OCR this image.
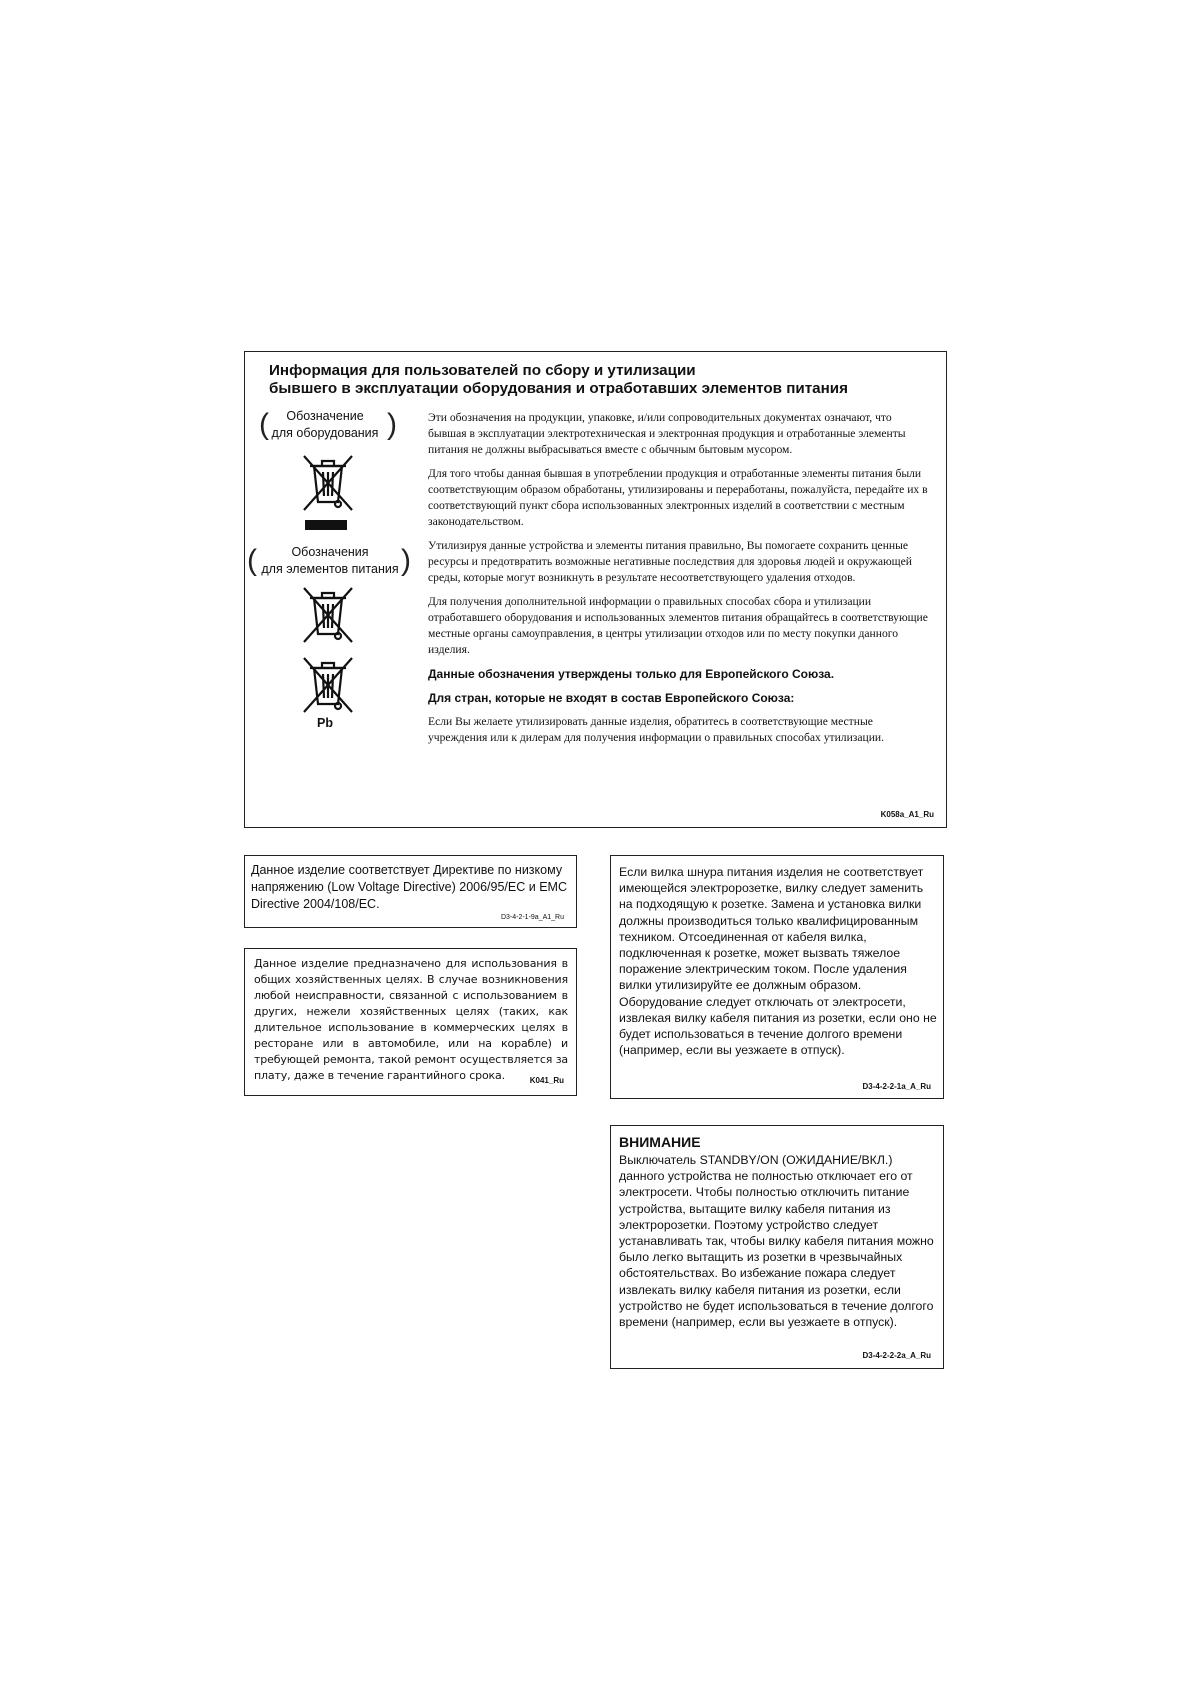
Информация для пользователей по сбору и утилизации
бывшего в эксплуатации оборудования и отработавших элементов питания
(	)
Обозначение
для оборудования
(	)
Обозначения
для элементов питания
Pb

Эти обозначения на продукции, упаковке, и/или сопроводительных документах означают, что бывшая в эксплуатации электротехническая и электронная продукция и отработанные элементы питания не должны выбрасываться вместе с обычным бытовым мусором.

Для того чтобы данная бывшая в употреблении продукция и отработанные элементы питания были соответствующим образом обработаны, утилизированы и переработаны, пожалуйста, передайте их в соответствующий пункт сбора использованных электронных изделий в соответствии с местным законодательством.

Утилизируя данные устройства и элементы питания правильно, Вы помогаете сохранить ценные ресурсы и предотвратить возможные негативные последствия для здоровья людей и окружающей среды, которые могут возникнуть в результате несоответствующего удаления отходов.

Для получения дополнительной информации о правильных способах сбора и утилизации отработавшего оборудования и использованных элементов питания обращайтесь в соответствующие местные органы самоуправления, в центры утилизации отходов или по месту покупки данного изделия.

Данные обозначения утверждены только для Европейского Союза.
Для стран, которые не входят в состав Европейского Союза:

Если Вы желаете утилизировать данные изделия, обратитесь в соответствующие местные учреждения или к дилерам для получения информации о правильных способах утилизации.

K058a_A1_Ru
Данное изделие соответствует Директиве по низкому напряжению (Low Voltage Directive) 2006/95/EC и EMC Directive 2004/108/EC.
D3-4-2-1-9a_A1_Ru
Данное изделие предназначено для использования в общих хозяйственных целях. В случае возникновения любой неисправности, связанной с использованием в других, нежели хозяйственных целях (таких, как длительное использование в коммерческих целях в ресторане или в автомобиле, или на корабле) и требующей ремонта, такой ремонт осуществляется за плату, даже в течение гарантийного срока.	K041_Ru
Если вилка шнура питания изделия не соответствует имеющейся электророзетке, вилку следует заменить на подходящую к розетке. Замена и установка вилки должны производиться только квалифицированным техником. Отсоединенная от кабеля вилка, подключенная к розетке, может вызвать тяжелое поражение электрическим током. После удаления вилки утилизируйте ее должным образом. Оборудование следует отключать от электросети, извлекая вилку кабеля питания из розетки, если оно не будет использоваться в течение долгого времени (например, если вы уезжаете в отпуск).
D3-4-2-2-1a_A_Ru
ВНИМАНИЕ
Выключатель STANDBY/ON (ОЖИДАНИЕ/ВКЛ.) данного устройства не полностью отключает его от электросети. Чтобы полностью отключить питание устройства, вытащите вилку кабеля питания из электророзетки. Поэтому устройство следует устанавливать так, чтобы вилку кабеля питания можно было легко вытащить из розетки в чрезвычайных обстоятельствах. Во избежание пожара следует извлекать вилку кабеля питания из розетки, если устройство не будет использоваться в течение долгого времени (например, если вы уезжаете в отпуск).
D3-4-2-2-2a_A_Ru
